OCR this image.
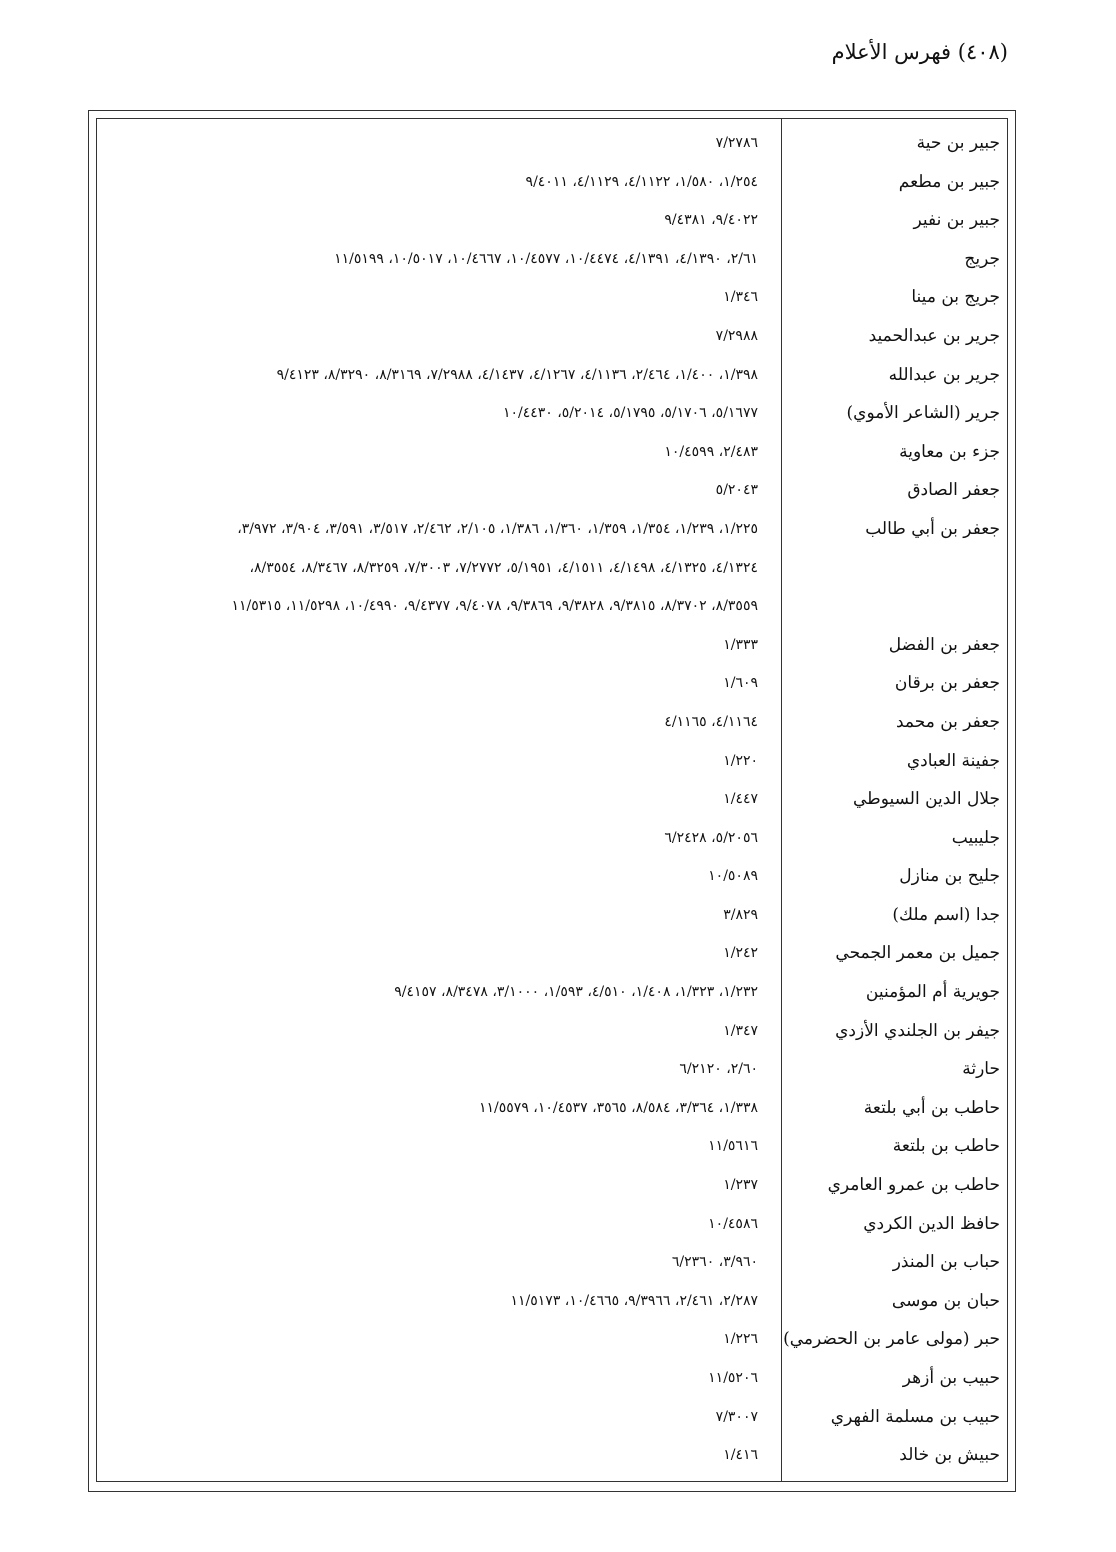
(٤٠٨) فهرس الأعلام
جبير بن حية
٧/٢٧٨٦
جبير بن مطعم
١/٢٥٤، ١/٥٨٠، ٤/١١٢٢، ٤/١١٢٩، ٩/٤٠١١
جبير بن نفير
٩/٤٠٢٢، ٩/٤٣٨١
جريج
٢/٦١، ٤/١٣٩٠، ٤/١٣٩١، ١٠/٤٤٧٤، ١٠/٤٥٧٧، ١٠/٤٦٦٧، ١٠/٥٠١٧، ١١/٥١٩٩
جريج بن مينا
١/٣٤٦
جرير بن عبدالحميد
٧/٢٩٨٨
جرير بن عبدالله
١/٣٩٨، ١/٤٠٠، ٢/٤٦٤، ٤/١١٣٦، ٤/١٢٦٧، ٤/١٤٣٧، ٧/٢٩٨٨، ٨/٣١٦٩، ٨/٣٢٩٠، ٩/٤١٢٣
جرير (الشاعر الأموي)
٥/١٦٧٧، ٥/١٧٠٦، ٥/١٧٩٥، ٥/٢٠١٤، ١٠/٤٤٣٠
جزء بن معاوية
٢/٤٨٣، ١٠/٤٥٩٩
جعفر الصادق
٥/٢٠٤٣
جعفر بن أبي طالب
١/٢٢٥، ١/٢٣٩، ١/٣٥٤، ١/٣٥٩، ١/٣٦٠، ١/٣٨٦، ٢/١٠٥، ٢/٤٦٢، ٣/٥١٧، ٣/٥٩١، ٣/٩٠٤، ٣/٩٧٢،
٤/١٣٢٤، ٤/١٣٢٥، ٤/١٤٩٨، ٤/١٥١١، ٥/١٩٥١، ٧/٢٧٧٢، ٧/٣٠٠٣، ٨/٣٢٥٩، ٨/٣٤٦٧، ٨/٣٥٥٤،
٨/٣٥٥٩، ٨/٣٧٠٢، ٩/٣٨١٥، ٩/٣٨٢٨، ٩/٣٨٦٩، ٩/٤٠٧٨، ٩/٤٣٧٧، ١٠/٤٩٩٠، ١١/٥٢٩٨، ١١/٥٣١٥
جعفر بن الفضل
١/٣٣٣
جعفر بن برقان
١/٦٠٩
جعفر بن محمد
٤/١١٦٤، ٤/١١٦٥
جفينة العبادي
١/٢٢٠
جلال الدين السيوطي
١/٤٤٧
جليبيب
٥/٢٠٥٦، ٦/٢٤٢٨
جليح بن منازل
١٠/٥٠٨٩
جدا (اسم ملك)
٣/٨٢٩
جميل بن معمر الجمحي
١/٢٤٢
جويرية أم المؤمنين
١/٢٣٢، ١/٣٢٣، ١/٤٠٨، ٤/٥١٠، ١/٥٩٣، ٣/١٠٠٠، ٨/٣٤٧٨، ٩/٤١٥٧
جيفر بن الجلندي الأزدي
١/٣٤٧
حارثة
٢/٦٠، ٦/٢١٢٠
حاطب بن أبي بلتعة
١/٣٣٨، ٣/٣٦٤، ٨/٥٨٤، ٣٥٦٥، ١٠/٤٥٣٧، ١١/٥٥٧٩
حاطب بن بلتعة
١١/٥٦١٦
حاطب بن عمرو العامري
١/٢٣٧
حافظ الدين الكردي
١٠/٤٥٨٦
حباب بن المنذر
٣/٩٦٠، ٦/٢٣٦٠
حبان بن موسى
٢/٢٨٧، ٢/٤٦١، ٩/٣٩٦٦، ١٠/٤٦٦٥، ١١/٥١٧٣
حبر (مولى عامر بن الحضرمي)
١/٢٢٦
حبيب بن أزهر
١١/٥٢٠٦
حبيب بن مسلمة الفهري
٧/٣٠٠٧
حبيش بن خالد
١/٤١٦
